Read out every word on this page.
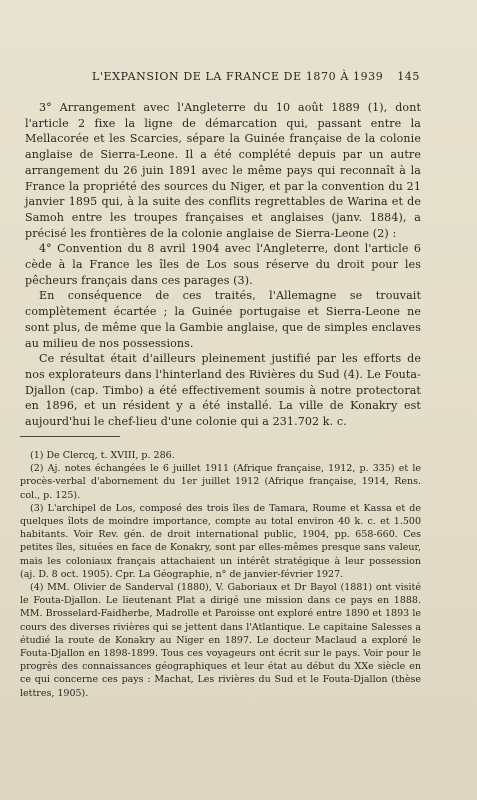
L'EXPANSION DE LA FRANCE DE 1870 À 1939 145

3° Arrangement avec l'Angleterre du 10 août 1889 (1), dont l'article 2 fixe la ligne de démarcation qui, passant entre la Mellacorée et les Scarcies, sépare la Guinée française de la colonie anglaise de Sierra-Leone. Il a été complété depuis par un autre arrangement du 26 juin 1891 avec le même pays qui reconnaît à la France la propriété des sources du Niger, et par la convention du 21 janvier 1895 qui, à la suite des conflits regrettables de Warina et de Samoh entre les troupes françaises et anglaises (janv. 1884), a précisé les frontières de la colonie anglaise de Sierra-Leone (2) :

4° Convention du 8 avril 1904 avec l'Angleterre, dont l'article 6 cède à la France les îles de Los sous réserve du droit pour les pêcheurs français dans ces parages (3).

En conséquence de ces traités, l'Allemagne se trouvait complètement écartée ; la Guinée portugaise et Sierra-Leone ne sont plus, de même que la Gambie anglaise, que de simples enclaves au milieu de nos possessions.

Ce résultat était d'ailleurs pleinement justifié par les efforts de nos explorateurs dans l'hinterland des Rivières du Sud (4). Le Fouta-Djallon (cap. Timbo) a été effectivement soumis à notre protectorat en 1896, et un résident y a été installé. La ville de Konakry est aujourd'hui le chef-lieu d'une colonie qui a 231.702 k. c.

(1) De Clercq, t. XVIII, p. 286.

(2) Aj. notes échangées le 6 juillet 1911 (Afrique française, 1912, p. 335) et le procès-verbal d'abornement du 1er juillet 1912 (Afrique française, 1914, Rens. col., p. 125).

(3) L'archipel de Los, composé des trois îles de Tamara, Roume et Kassa et de quelques îlots de moindre importance, compte au total environ 40 k. c. et 1.500 habitants. Voir Rev. gén. de droit international public, 1904, pp. 658-660. Ces petites îles, situées en face de Konakry, sont par elles-mêmes presque sans valeur, mais les coloniaux français attachaient un intérêt stratégique à leur possession (aj. D. 8 oct. 1905). Cpr. La Géographie, n° de janvier-février 1927.

(4) MM. Olivier de Sanderval (1880), V. Gaboriaux et Dr Bayol (1881) ont visité le Fouta-Djallon. Le lieutenant Plat a dirigé une mission dans ce pays en 1888. MM. Brosselard-Faidherbe, Madrolle et Paroisse ont exploré entre 1890 et 1893 le cours des diverses rivières qui se jettent dans l'Atlantique. Le capitaine Salesses a étudié la route de Konakry au Niger en 1897. Le docteur Maclaud a exploré le Fouta-Djallon en 1898-1899. Tous ces voyageurs ont écrit sur le pays. Voir pour le progrès des connaissances géographiques et leur état au début du XXe siècle en ce qui concerne ces pays : Machat, Les rivières du Sud et le Fouta-Djallon (thèse lettres, 1905).
